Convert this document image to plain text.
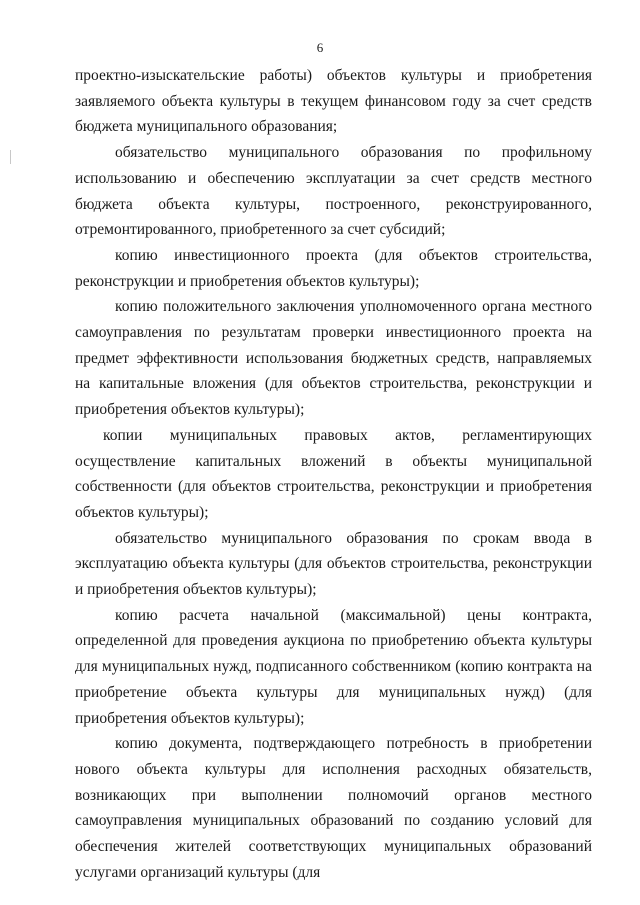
6

проектно-изыскательские работы) объектов культуры и приобретения заявляемого объекта культуры в текущем финансовом году за счет средств бюджета муниципального образования;

обязательство муниципального образования по профильному использованию и обеспечению эксплуатации за счет средств местного бюджета объекта культуры, построенного, реконструированного, отремонтированного, приобретенного за счет субсидий;

копию инвестиционного проекта (для объектов строительства, реконструкции и приобретения объектов культуры);

копию положительного заключения уполномоченного органа местного самоуправления по результатам проверки инвестиционного проекта на предмет эффективности использования бюджетных средств, направляемых на капитальные вложения (для объектов строительства, реконструкции и приобретения объектов культуры);

копии муниципальных правовых актов, регламентирующих осуществление капитальных вложений в объекты муниципальной собственности (для объектов строительства, реконструкции и приобретения объектов культуры);

обязательство муниципального образования по срокам ввода в эксплуатацию объекта культуры (для объектов строительства, реконструкции и приобретения объектов культуры);

копию расчета начальной (максимальной) цены контракта, определенной для проведения аукциона по приобретению объекта культуры для муниципальных нужд, подписанного собственником (копию контракта на приобретение объекта культуры для муниципальных нужд) (для приобретения объектов культуры);

копию документа, подтверждающего потребность в приобретении нового объекта культуры для исполнения расходных обязательств, возникающих при выполнении полномочий органов местного самоуправления муниципальных образований по созданию условий для обеспечения жителей соответствующих муниципальных образований услугами организаций культуры (для
